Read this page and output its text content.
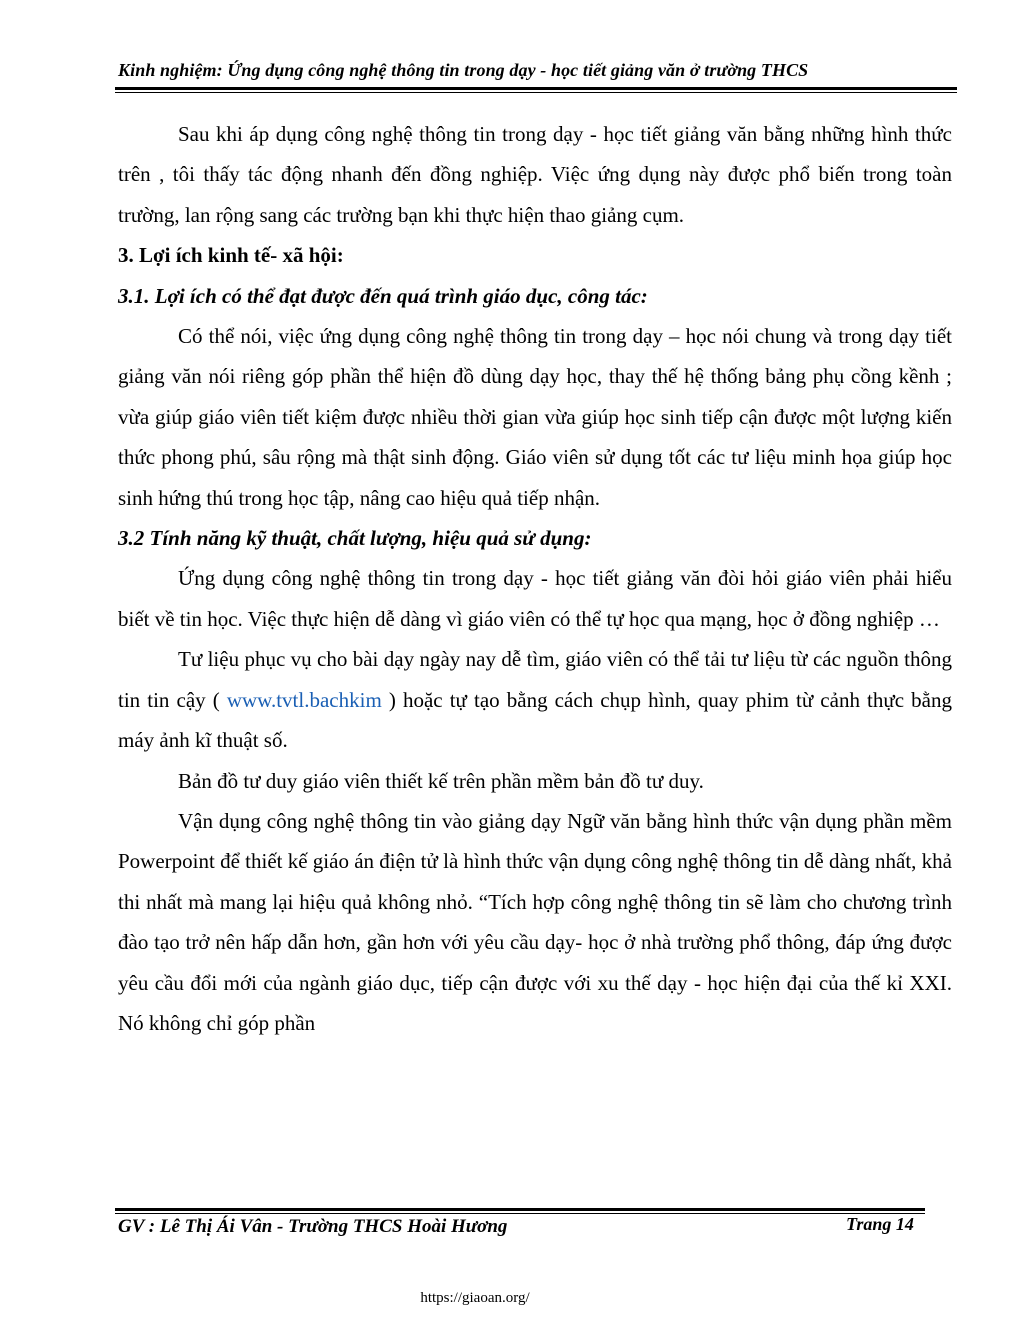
Kinh nghiệm: Ứng dụng công nghệ thông tin trong dạy - học tiết giảng văn ở trường THCS

Sau khi áp dụng công nghệ thông tin trong dạy - học tiết giảng văn bằng những hình thức trên , tôi thấy tác động nhanh đến đồng nghiệp. Việc ứng dụng này được phổ biến trong toàn trường, lan rộng sang các trường bạn khi thực hiện thao giảng cụm.

3. Lợi ích kinh tế- xã hội:

3.1. Lợi ích có thể đạt được đến quá trình giáo dục, công tác:

Có thể nói, việc ứng dụng công nghệ thông tin trong dạy – học nói chung và trong dạy tiết giảng văn nói riêng góp phần thể hiện đồ dùng dạy học, thay thế hệ thống bảng phụ cồng kềnh ; vừa giúp giáo viên tiết kiệm được nhiều thời gian vừa giúp học sinh tiếp cận được một lượng kiến thức phong phú, sâu rộng mà thật sinh động. Giáo viên sử dụng tốt các tư liệu minh họa giúp học sinh hứng thú trong học tập, nâng cao hiệu quả tiếp nhận.

3.2 Tính năng kỹ thuật, chất lượng, hiệu quả sử dụng:

Ứng dụng công nghệ thông tin trong dạy - học tiết giảng văn đòi hỏi giáo viên phải hiểu biết về tin học. Việc thực hiện dễ dàng vì giáo viên có thể tự học qua mạng, học ở đồng nghiệp …

Tư liệu phục vụ cho bài dạy ngày nay dễ tìm, giáo viên có thể tải tư liệu từ các nguồn thông tin tin cậy ( www.tvtl.bachkim ) hoặc tự tạo bằng cách chụp hình, quay phim từ cảnh thực bằng máy ảnh kĩ thuật số.

Bản đồ tư duy giáo viên thiết kế trên phần mềm bản đồ tư duy.

Vận dụng công nghệ thông tin vào giảng dạy Ngữ văn bằng hình thức vận dụng phần mềm Powerpoint để thiết kế giáo án điện tử là hình thức vận dụng công nghệ thông tin dễ dàng nhất, khả thi nhất mà mang lại hiệu quả không nhỏ. “Tích hợp công nghệ thông tin sẽ làm cho chương trình đào tạo trở nên hấp dẫn hơn, gần hơn với yêu cầu dạy- học ở nhà trường phổ thông, đáp ứng được yêu cầu đổi mới của ngành giáo dục, tiếp cận được với xu thế dạy - học hiện đại của thế kỉ XXI. Nó không chỉ góp phần

GV : Lê Thị Ái Vân - Trường THCS Hoài Hương	Trang 14
https://giaoan.org/
